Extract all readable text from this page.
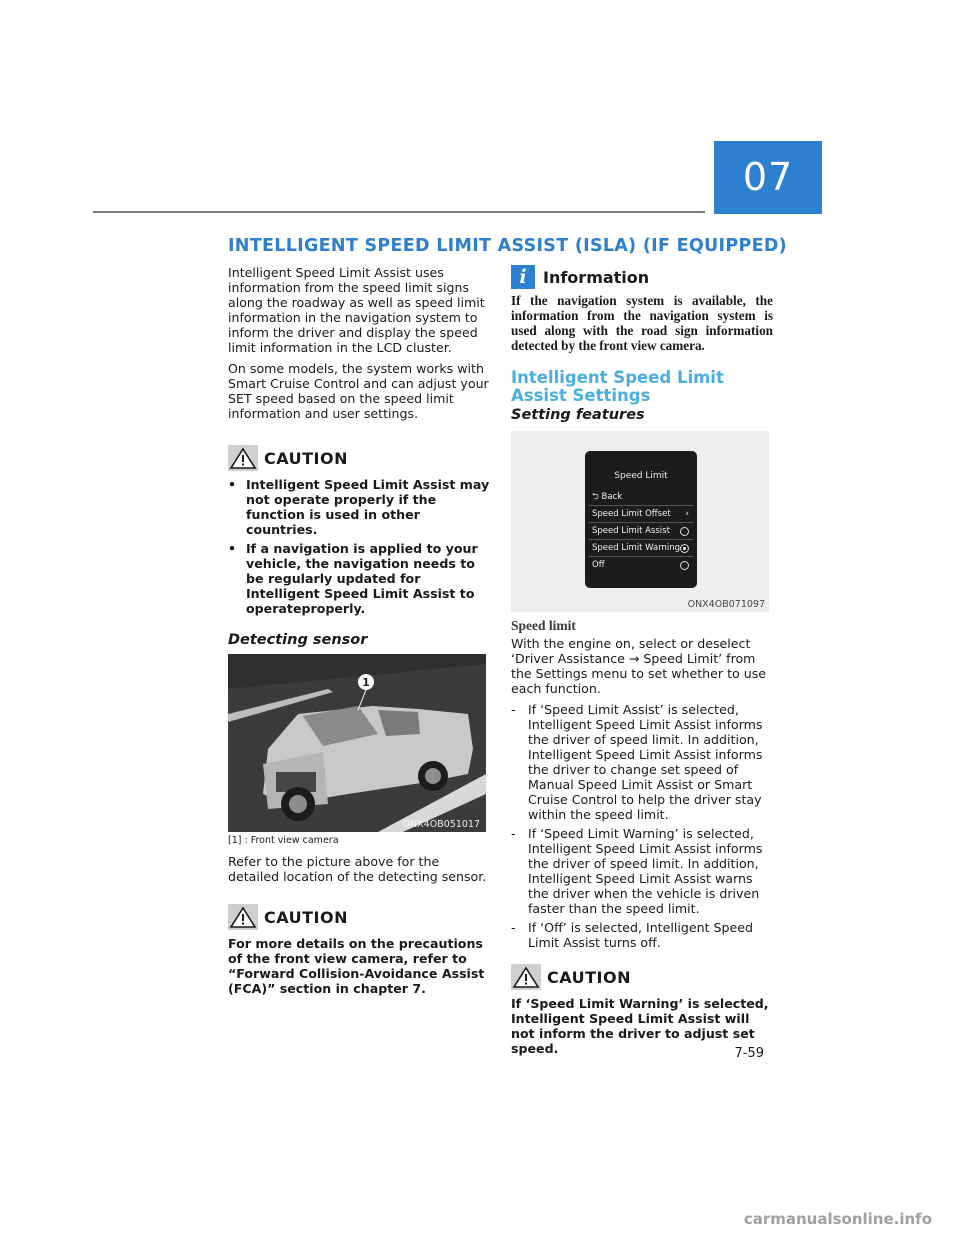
07
INTELLIGENT SPEED LIMIT ASSIST (ISLA) (IF EQUIPPED)

Intelligent Speed Limit Assist uses information from the speed limit signs along the roadway as well as speed limit information in the navigation system to inform the driver and display the speed limit information in the LCD cluster.

On some models, the system works with Smart Cruise Control and can adjust your SET speed based on the speed limit information and user settings.

CAUTION
• Intelligent Speed Limit Assist may not operate properly if the function is used in other countries.
• If a navigation is applied to your vehicle, the navigation needs to be regularly updated for Intelligent Speed Limit Assist to operateproperly.

Detecting sensor

1
ONX4OB051017

[1] : Front view camera

Refer to the picture above for the detailed location of the detecting sensor.

CAUTION

For more details on the precautions of the front view camera, refer to “Forward Collision-Avoidance Assist (FCA)” section in chapter 7.

i	Information

If the navigation system is available, the information from the navigation system is used along with the road sign information detected by the front view camera.

Intelligent Speed Limit Assist Settings

Setting features

Speed Limit
⮌ Back
Speed Limit Offset ›
Speed Limit Assist
Speed Limit Warning
Off
ONX4OB071097

Speed limit

With the engine on, select or deselect ‘Driver Assistance → Speed Limit’ from the Settings menu to set whether to use each function.

- If ‘Speed Limit Assist’ is selected, Intelligent Speed Limit Assist informs the driver of speed limit. In addition, Intelligent Speed Limit Assist informs the driver to change set speed of Manual Speed Limit Assist or Smart Cruise Control to help the driver stay within the speed limit.
- If ‘Speed Limit Warning’ is selected, Intelligent Speed Limit Assist informs the driver of speed limit. In addition, Intelligent Speed Limit Assist warns the driver when the vehicle is driven faster than the speed limit.
- If ‘Off’ is selected, Intelligent Speed Limit Assist turns off.
CAUTION

If ‘Speed Limit Warning’ is selected, Intelligent Speed Limit Assist will not inform the driver to adjust set speed.	7-59
carmanualsonline.info
